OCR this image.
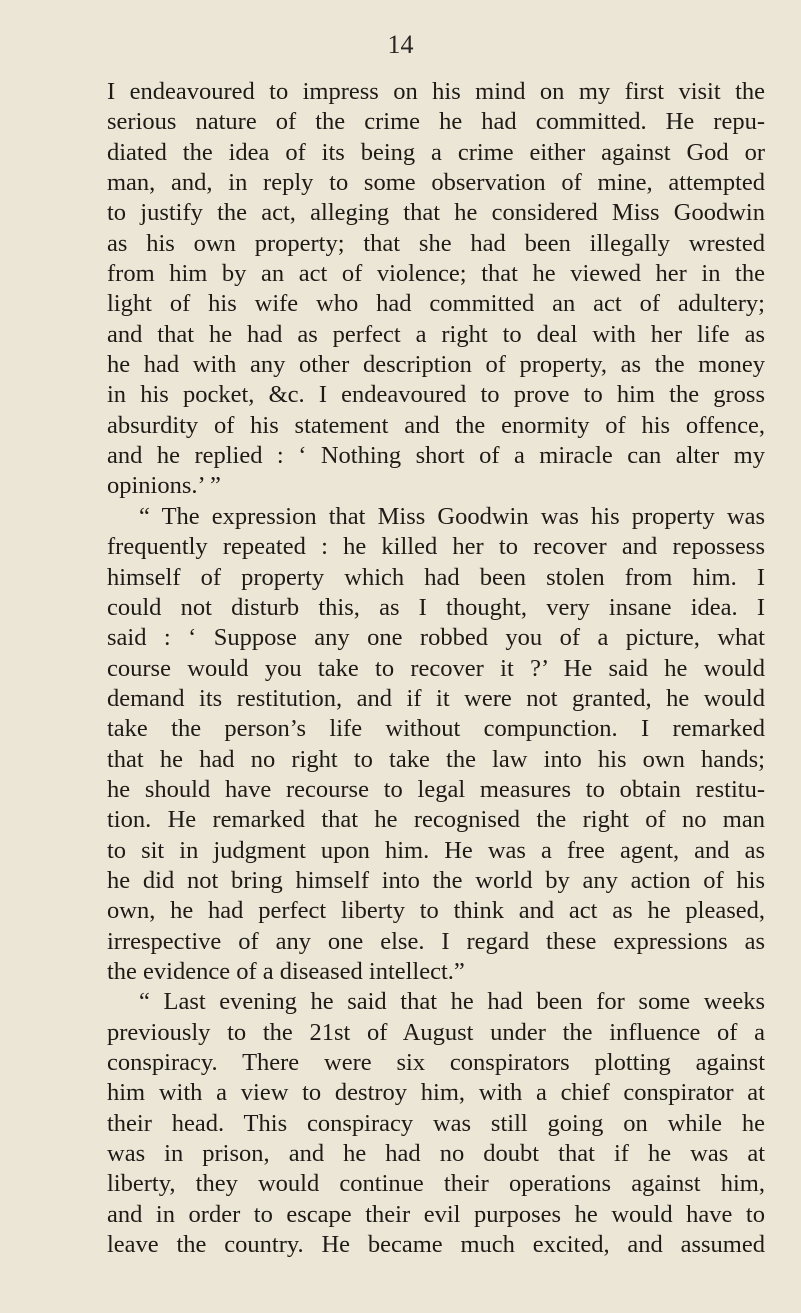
14
I endeavoured to impress on his mind on my first visit the
serious nature of the crime he had committed. He repu-
diated the idea of its being a crime either against God or
man, and, in reply to some observation of mine, attempted
to justify the act, alleging that he considered Miss Goodwin
as his own property; that she had been illegally wrested
from him by an act of violence; that he viewed her in the
light of his wife who had committed an act of adultery;
and that he had as perfect a right to deal with her life as
he had with any other description of property, as the money
in his pocket, &c. I endeavoured to prove to him the gross
absurdity of his statement and the enormity of his offence,
and he replied : ‘ Nothing short of a miracle can alter my
opinions.’ ”
“ The expression that Miss Goodwin was his property was
frequently repeated : he killed her to recover and repossess
himself of property which had been stolen from him. I
could not disturb this, as I thought, very insane idea. I
said : ‘ Suppose any one robbed you of a picture, what
course would you take to recover it ?’ He said he would
demand its restitution, and if it were not granted, he would
take the person’s life without compunction. I remarked
that he had no right to take the law into his own hands;
he should have recourse to legal measures to obtain restitu-
tion. He remarked that he recognised the right of no man
to sit in judgment upon him. He was a free agent, and as
he did not bring himself into the world by any action of his
own, he had perfect liberty to think and act as he pleased,
irrespective of any one else. I regard these expressions as
the evidence of a diseased intellect.”
“ Last evening he said that he had been for some weeks
previously to the 21st of August under the influence of a
conspiracy. There were six conspirators plotting against
him with a view to destroy him, with a chief conspirator at
their head. This conspiracy was still going on while he
was in prison, and he had no doubt that if he was at
liberty, they would continue their operations against him,
and in order to escape their evil purposes he would have to
leave the country. He became much excited, and assumed
